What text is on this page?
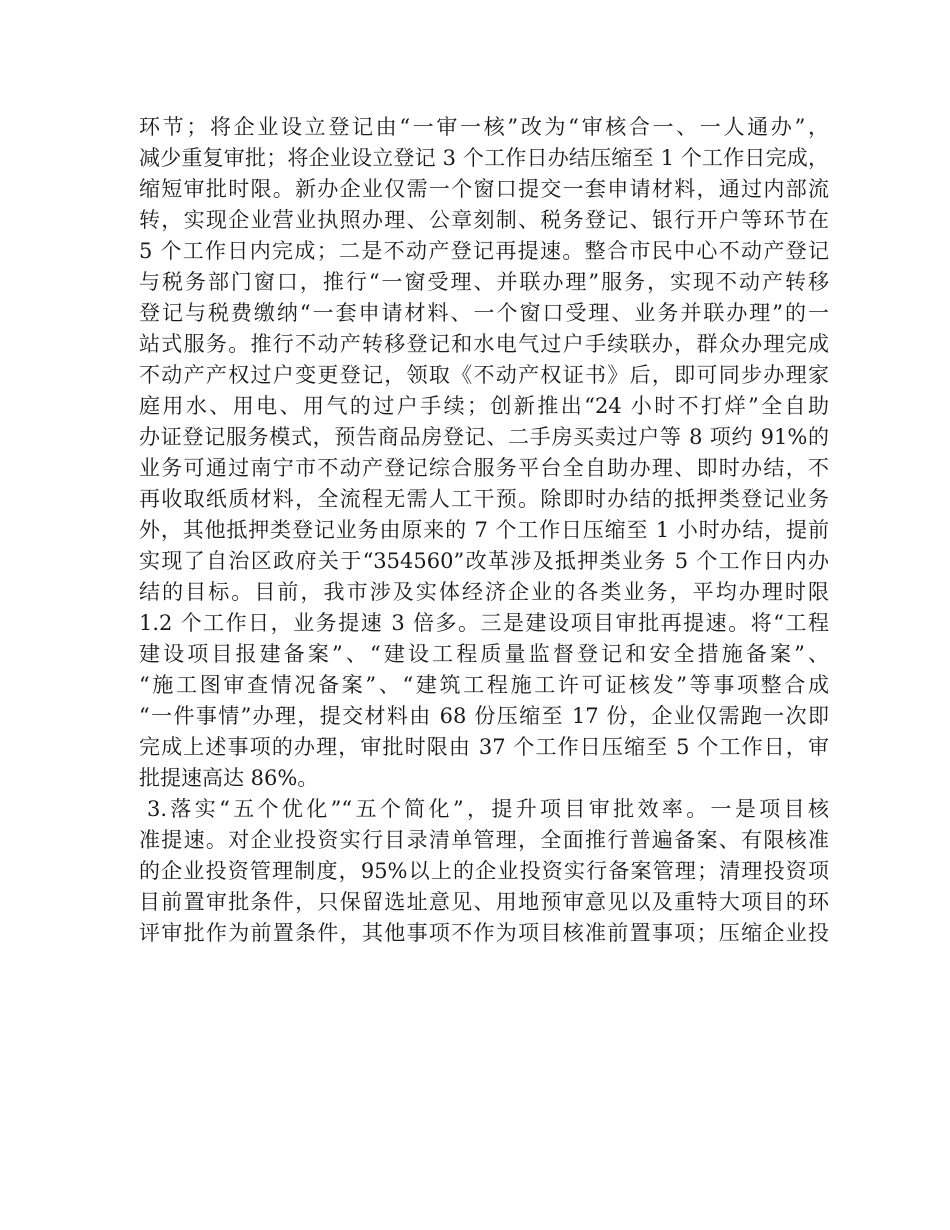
环节；将企业设立登记由“一审一核”改为“审核合一、一人通办”，
减少重复审批；将企业设立登记 3 个工作日办结压缩至 1 个工作日完成，
缩短审批时限。新办企业仅需一个窗口提交一套申请材料，通过内部流
转，实现企业营业执照办理、公章刻制、税务登记、银行开户等环节在
5 个工作日内完成；二是不动产登记再提速。整合市民中心不动产登记
与税务部门窗口，推行“一窗受理、并联办理”服务，实现不动产转移
登记与税费缴纳“一套申请材料、一个窗口受理、业务并联办理”的一
站式服务。推行不动产转移登记和水电气过户手续联办，群众办理完成
不动产产权过户变更登记，领取《不动产权证书》后，即可同步办理家
庭用水、用电、用气的过户手续；创新推出“24 小时不打烊”全自助
办证登记服务模式，预告商品房登记、二手房买卖过户等 8 项约 91%的
业务可通过南宁市不动产登记综合服务平台全自助办理、即时办结，不
再收取纸质材料，全流程无需人工干预。除即时办结的抵押类登记业务
外，其他抵押类登记业务由原来的 7 个工作日压缩至 1 小时办结，提前
实现了自治区政府关于“354560”改革涉及抵押类业务 5 个工作日内办
结的目标。目前，我市涉及实体经济企业的各类业务，平均办理时限
1.2 个工作日，业务提速 3 倍多。三是建设项目审批再提速。将“工程
建设项目报建备案”、“建设工程质量监督登记和安全措施备案”、
“施工图审查情况备案”、“建筑工程施工许可证核发”等事项整合成
“一件事情”办理，提交材料由 68 份压缩至 17 份，企业仅需跑一次即
完成上述事项的办理，审批时限由 37 个工作日压缩至 5 个工作日，审
批提速高达 86%。
3.落实“五个优化”“五个简化”，提升项目审批效率。一是项目核
准提速。对企业投资实行目录清单管理，全面推行普遍备案、有限核准
的企业投资管理制度，95%以上的企业投资实行备案管理；清理投资项
目前置审批条件，只保留选址意见、用地预审意见以及重特大项目的环
评审批作为前置条件，其他事项不作为项目核准前置事项；压缩企业投
